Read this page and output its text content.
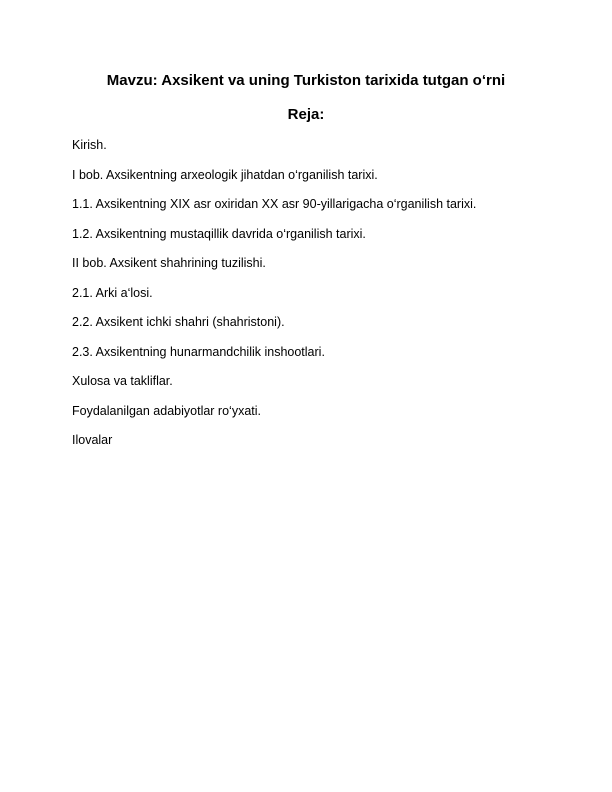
Mavzu: Axsikent va uning Turkiston tarixida tutgan o‘rni
Reja:
Kirish.
I bob. Axsikentning arxeologik jihatdan o‘rganilish tarixi.
1.1. Axsikentning XIX asr oxiridan XX asr 90-yillarigacha o‘rganilish tarixi.
1.2. Axsikentning mustaqillik davrida o‘rganilish tarixi.
II bob. Axsikent shahrining tuzilishi.
2.1. Arki a‘losi.
2.2. Axsikent ichki shahri (shahristoni).
2.3. Axsikentning hunarmandchilik inshootlari.
Xulosa va takliflar.
Foydalanilgan adabiyotlar ro‘yxati.
Ilovalar
